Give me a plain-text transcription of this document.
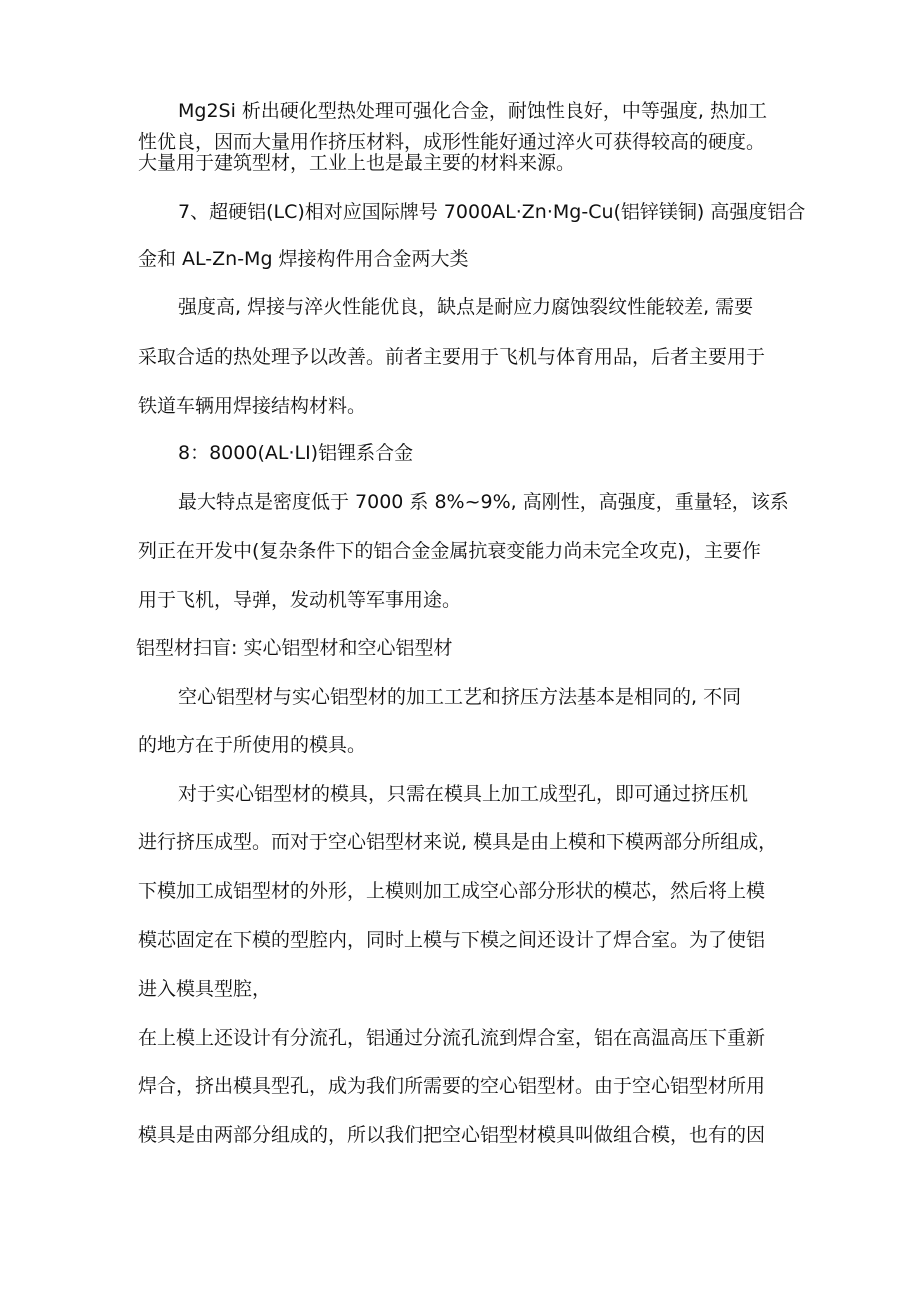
Mg2Si 析出硬化型热处理可强化合金，耐蚀性良好，中等强度, 热加工
性优良，因而大量用作挤压材料，成形性能好通过淬火可获得较高的硬度。
大量用于建筑型材，工业上也是最主要的材料来源。
7、超硬铝(LC)相对应国际牌号 7000AL·Zn·Mg-Cu(铝锌镁铜) 高强度铝合
金和 AL-Zn-Mg 焊接构件用合金两大类
强度高, 焊接与淬火性能优良，缺点是耐应力腐蚀裂纹性能较差, 需要
采取合适的热处理予以改善。前者主要用于飞机与体育用品，后者主要用于
铁道车辆用焊接结构材料。
8：8000(AL·LI)铝锂系合金
最大特点是密度低于 7000 系 8%~9%, 高刚性，高强度，重量轻，该系
列正在开发中(复杂条件下的铝合金金属抗衰变能力尚未完全攻克)，主要作
用于飞机，导弹，发动机等军事用途。
铝型材扫盲: 实心铝型材和空心铝型材
空心铝型材与实心铝型材的加工工艺和挤压方法基本是相同的, 不同
的地方在于所使用的模具。
对于实心铝型材的模具，只需在模具上加工成型孔，即可通过挤压机
进行挤压成型。而对于空心铝型材来说, 模具是由上模和下模两部分所组成，
下模加工成铝型材的外形，上模则加工成空心部分形状的模芯，然后将上模
模芯固定在下模的型腔内，同时上模与下模之间还设计了焊合室。为了使铝
进入模具型腔，
在上模上还设计有分流孔，铝通过分流孔流到焊合室，铝在高温高压下重新
焊合，挤出模具型孔，成为我们所需要的空心铝型材。由于空心铝型材所用
模具是由两部分组成的，所以我们把空心铝型材模具叫做组合模，也有的因
